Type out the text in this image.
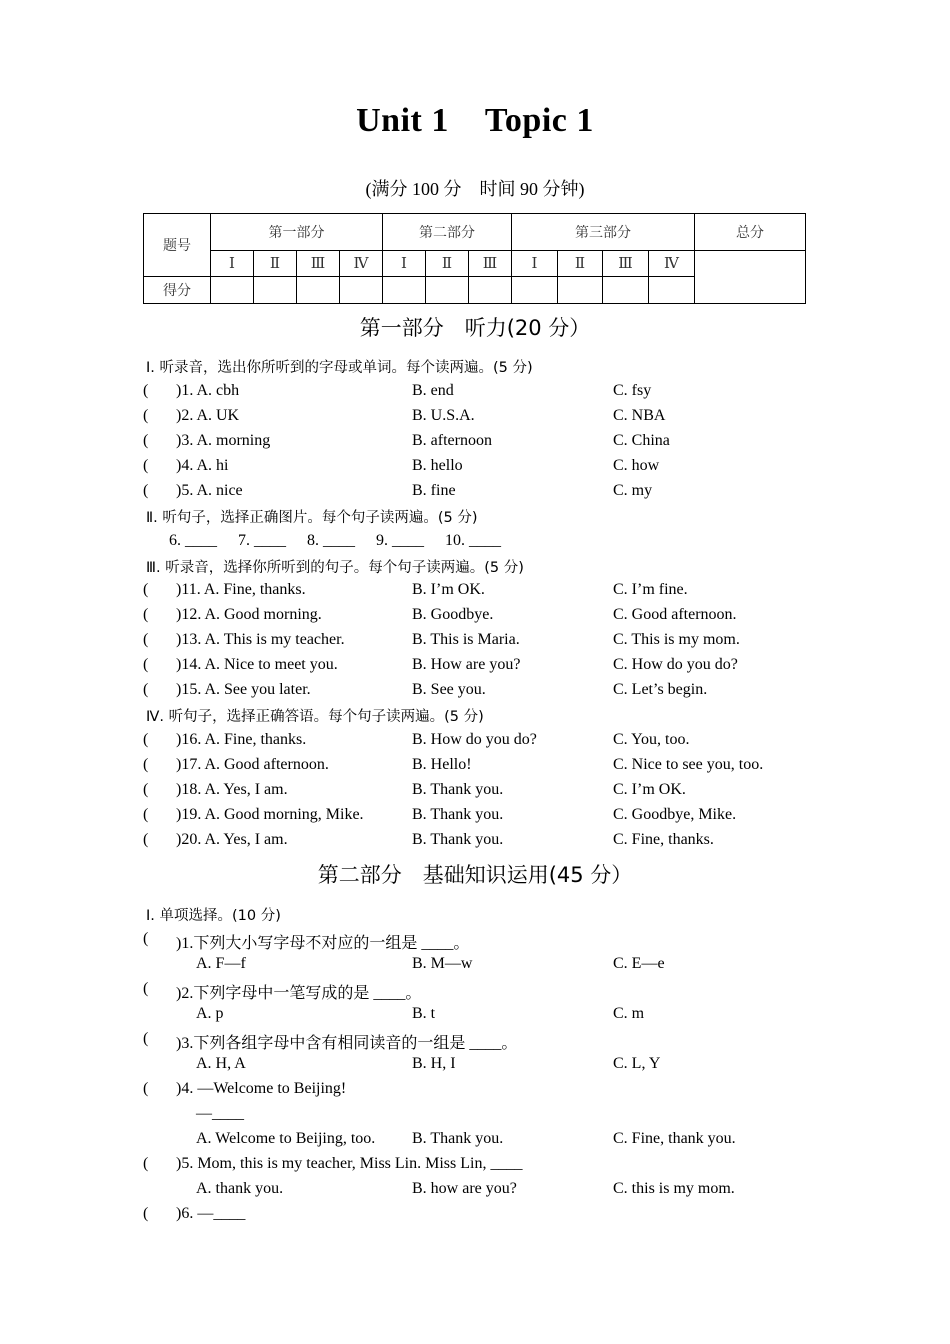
Unit 1 Topic 1
(满分 100 分　时间 90 分钟)
题号	第一部分				第二部分			第三部分				总分
	Ⅰ	Ⅱ	Ⅲ	Ⅳ	Ⅰ	Ⅱ	Ⅲ	Ⅰ	Ⅱ	Ⅲ	Ⅳ	
得分												
第一部分　听力(20 分）
Ⅰ. 听录音，选出你所听到的字母或单词。每个读两遍。(5 分)
( )1. A. cbh	B. end	C. fsy
( )2. A. UK	B. U.S.A.	C. NBA
( )3. A. morning	B. afternoon	C. China
( )4. A. hi	B. hello	C. how
( )5. A. nice	B. fine	C. my
Ⅱ. 听句子，选择正确图片。每个句子读两遍。(5 分)
6. ____ 7. ____ 8. ____ 9. ____ 10. ____
Ⅲ. 听录音，选择你所听到的句子。每个句子读两遍。(5 分)
( )11. A. Fine, thanks.	B. I’m OK.	C. I’m fine.
( )12. A. Good morning.	B. Goodbye.	C. Good afternoon.
( )13. A. This is my teacher.	B. This is Maria.	C. This is my mom.
( )14. A. Nice to meet you.	B. How are you?	C. How do you do?
( )15. A. See you later.	B. See you.	C. Let’s begin.
Ⅳ. 听句子，选择正确答语。每个句子读两遍。(5 分)
( )16. A. Fine, thanks.	B. How do you do?	C. You, too.
( )17. A. Good afternoon.	B. Hello!	C. Nice to see you, too.
( )18. A. Yes, I am.	B. Thank you.	C. I’m OK.
( )19. A. Good morning, Mike.	B. Thank you.	C. Goodbye, Mike.
( )20. A. Yes, I am.	B. Thank you.	C. Fine, thanks.
第二部分　基础知识运用(45 分）
Ⅰ. 单项选择。(10 分)
( )1.下列大小写字母不对应的一组是 ____。
A. F—f	B. M—w	C. E—e
( )2.下列字母中一笔写成的是 ____。
A. p	B. t	C. m
( )3.下列各组字母中含有相同读音的一组是 ____。
A. H, A	B. H, I	C. L, Y
( )4. —Welcome to Beijing!
—____
A. Welcome to Beijing, too. B. Thank you.	C. Fine, thank you.
( )5. Mom, this is my teacher, Miss Lin. Miss Lin, ____
A. thank you.	B. how are you?	C. this is my mom.
( )6. —____
